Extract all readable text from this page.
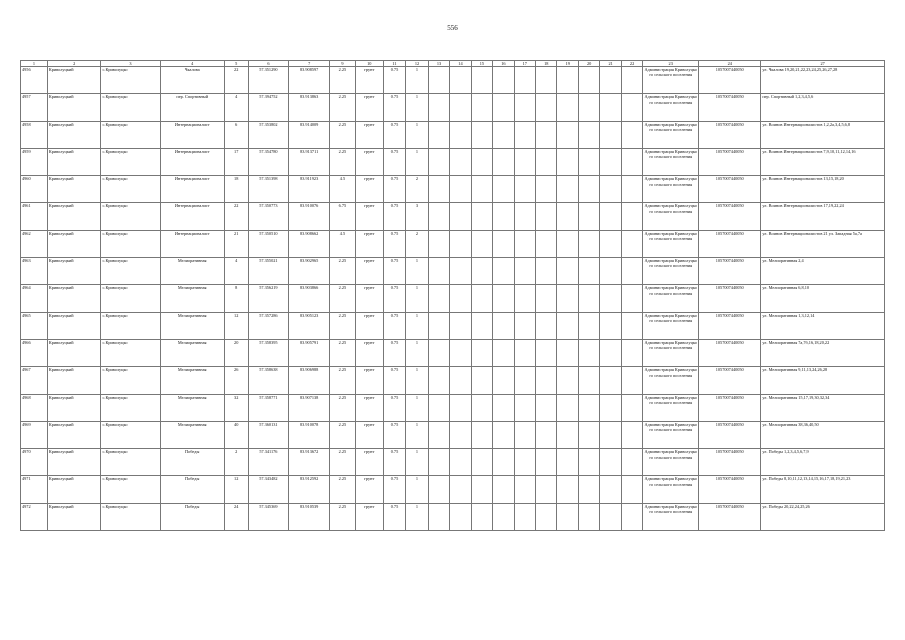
556
1	2	3	4	5	6	7	9	10	11	12	13	14	15	16	17	18	19	20	21	22	23	24	27
4956	Криволуцкий	с.Криволуцко	Чкалова	22	57.351290	83.908597	2.25	грунт	0.75	1											Администрация Криволуцкого сельского поселения	1057007440050	ул. Чкалова 19,20,21,22,23,24,25,26,27,28
4957	Криволуцкий	с.Криволуцко	пер. Спортивный	4	57.394752	83.913863	2.25	грунт	0.75	1											Администрация Криволуцкого сельского поселения	1057007440050	пер. Спортивный 1,2,3,4,5,6
4958	Криволуцкий	с.Криволуцко	Интернационалист	6	57.353802	83.914009	2.25	грунт	0.75	1											Администрация Криволуцкого сельского поселения	1057007440050	ул. Воинов Интернационалистов 1,2,2а,3,4,5,6,8
4959	Криволуцкий	с.Криволуцко	Интернационалист	17	57.354780	83.913711	2.25	грунт	0.75	1											Администрация Криволуцкого сельского поселения	1057007440050	ул. Воинов Интернационалистов 7,9,10,11,12,14,16
4960	Криволуцкий	с.Криволуцко	Интернационалист	18	57.351398	83.911923	4.5	грунт	0.75	2											Администрация Криволуцкого сельского поселения	1057007440050	ул. Воинов Интернационалистов 13,15,18,20
4961	Криволуцкий	с.Криволуцко	Интернационалист	22	57.350773	83.910076	6.75	грунт	0.75	3											Администрация Криволуцкого сельского поселения	1057007440050	ул. Воинов Интернационалистов 17,19,22,24
4962	Криволуцкий	с.Криволуцко	Интернационалист	21	57.350510	83.908662	4.5	грунт	0.75	2											Администрация Криволуцкого сельского поселения	1057007440050	ул. Воинов Интернационалистов 21 ул. Западная 5а,7а
4963	Криволуцкий	с.Криволуцко	Мелиоративная	4	57.355021	83.902965	2.25	грунт	0.75	1											Администрация Криволуцкого сельского поселения	1057007440050	ул. Мелиоративная 2,4
4964	Криволуцкий	с.Криволуцко	Мелиоративная	8	57.356219	83.903866	2.25	грунт	0.75	1											Администрация Криволуцкого сельского поселения	1057007440050	ул. Мелиоративная 6,8,10
4965	Криволуцкий	с.Криволуцко	Мелиоративная	12	57.357286	83.905123	2.25	грунт	0.75	1											Администрация Криволуцкого сельского поселения	1057007440050	ул. Мелиоративная 1,3,12,14
4966	Криволуцкий	с.Криволуцко	Мелиоративная	20	57.358395	83.905791	2.25	грунт	0.75	1											Администрация Криволуцкого сельского поселения	1057007440050	ул. Мелиоративная 7а,7б,16,18,20,22
4967	Криволуцкий	с.Криволуцко	Мелиоративная	26	57.358638	83.906988	2.25	грунт	0.75	1											Администрация Криволуцкого сельского поселения	1057007440050	ул. Мелиоративная 9,11,13,24,26,28
4968	Криволуцкий	с.Криволуцко	Мелиоративная	32	57.358771	83.907138	2.25	грунт	0.75	1											Администрация Криволуцкого сельского поселения	1057007440050	ул. Мелиоративная 15,17,19,30,32,34
4969	Криволуцкий	с.Криволуцко	Мелиоративная	40	57.360131	83.910078	2.25	грунт	0.75	1											Администрация Криволуцкого сельского поселения	1057007440050	ул. Мелиоративная 38,36,40,50
4970	Криволуцкий	с.Криволуцко	Победы	2	57.341176	83.913672	2.25	грунт	0.75	1											Администрация Криволуцкого сельского поселения	1057007440050	ул. Победы 1,2,3,4,5,6,7,9
4971	Криволуцкий	с.Криволуцко	Победы	12	57.343482	83.912592	2.25	грунт	0.75	1											Администрация Криволуцкого сельского поселения	1057007440050	ул. Победы 8,10,11,12,13,14,15,16,17,18,19,21,23
4972	Криволуцкий	с.Криволуцко	Победы	24	57.345369	83.910539	2.25	грунт	0.75	1											Администрация Криволуцкого сельского поселения	1057007440050	ул. Победы 20,22,24,25,26
